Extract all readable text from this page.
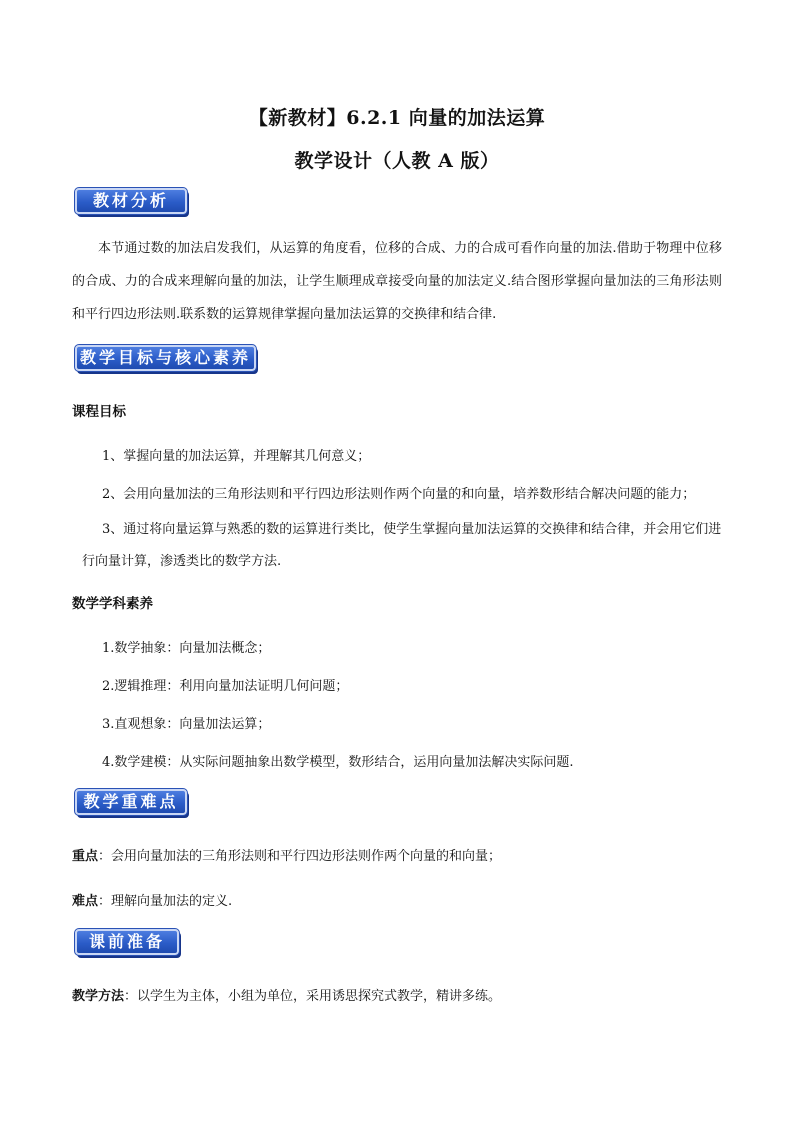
【新教材】6.2.1 向量的加法运算
教学设计（人教 A 版）
教材分析
本节通过数的加法启发我们，从运算的角度看，位移的合成、力的合成可看作向量的加法.借助于物理中位移的合成、力的合成来理解向量的加法，让学生顺理成章接受向量的加法定义.结合图形掌握向量加法的三角形法则和平行四边形法则.联系数的运算规律掌握向量加法运算的交换律和结合律.
教学目标与核心素养
课程目标
1、掌握向量的加法运算，并理解其几何意义；
2、会用向量加法的三角形法则和平行四边形法则作两个向量的和向量，培养数形结合解决问题的能力；
3、通过将向量运算与熟悉的数的运算进行类比，使学生掌握向量加法运算的交换律和结合律，并会用它们进行向量计算，渗透类比的数学方法.
数学学科素养
1.数学抽象：向量加法概念；
2.逻辑推理：利用向量加法证明几何问题；
3.直观想象：向量加法运算；
4.数学建模：从实际问题抽象出数学模型，数形结合，运用向量加法解决实际问题.
教学重难点
重点：会用向量加法的三角形法则和平行四边形法则作两个向量的和向量；
难点：理解向量加法的定义.
课前准备
教学方法：以学生为主体，小组为单位，采用诱思探究式教学，精讲多练。
